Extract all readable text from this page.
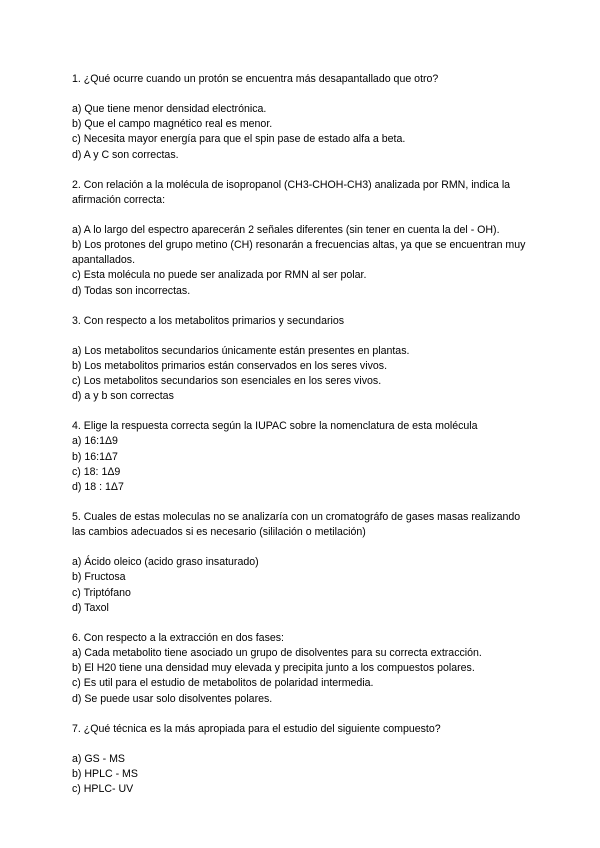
1. ¿Qué ocurre cuando un protón se encuentra más desapantallado que otro?
a) Que tiene menor densidad electrónica.
b) Que el campo magnético real es menor.
c) Necesita mayor energía para que el spin pase de estado alfa a beta.
d) A y C son correctas.
2. Con relación a la molécula de isopropanol (CH3-CHOH-CH3) analizada por RMN, indica la afirmación correcta:
a) A lo largo del espectro aparecerán 2 señales diferentes (sin tener en cuenta la del - OH).
b) Los protones del grupo metino (CH) resonarán a frecuencias altas, ya que se encuentran muy apantallados.
c) Esta molécula no puede ser analizada por RMN al ser polar.
d) Todas son incorrectas.
3. Con respecto a los metabolitos primarios y secundarios
a) Los metabolitos secundarios únicamente están presentes en plantas.
b) Los metabolitos primarios están conservados en los seres vivos.
c) Los metabolitos secundarios son esenciales en los seres vivos.
d) a y b son correctas
4. Elige la respuesta correcta según la IUPAC sobre la nomenclatura de esta molécula
a) 16:1Δ9
b) 16:1Δ7
c) 18: 1Δ9
d) 18 : 1Δ7
5. Cuales de estas moleculas no se analizaría con un cromatográfo de gases masas realizando las cambios adecuados si es necesario (sililación o metilación)
a) Ácido oleico (acido graso insaturado)
b) Fructosa
c) Triptófano
d) Taxol
6. Con respecto a la extracción en dos fases:
a) Cada metabolito tiene asociado un grupo de disolventes para su correcta extracción.
b) El H20 tiene una densidad muy elevada y precipita junto a los compuestos polares.
c) Es util para el estudio de metabolitos de polaridad intermedia.
d) Se puede usar solo disolventes polares.
7. ¿Qué técnica es la más apropiada para el estudio del siguiente compuesto?
a) GS - MS
b) HPLC - MS
c) HPLC- UV
